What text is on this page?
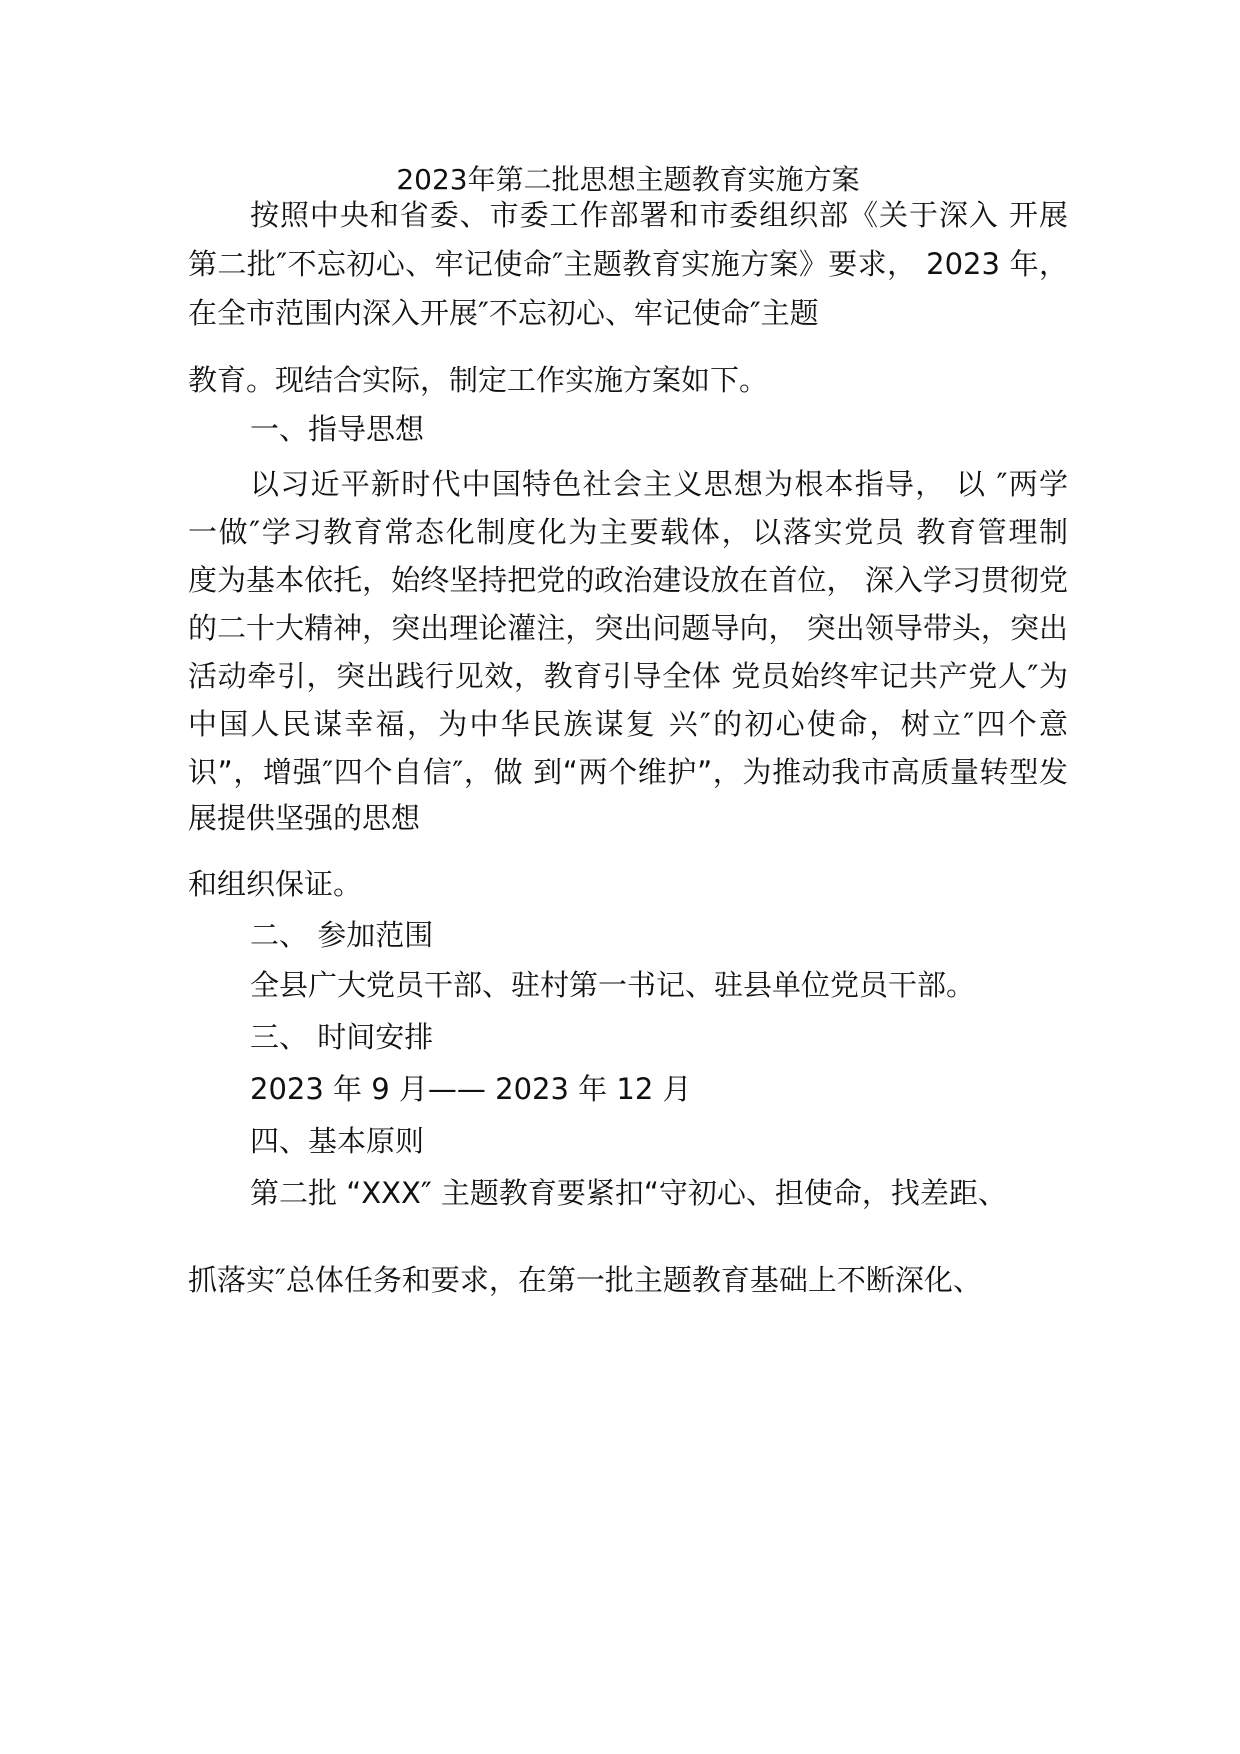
2023年第二批思想主题教育实施方案
按照中央和省委、市委工作部署和市委组织部《关于深入 开展
第二批″不忘初心、牢记使命″主题教育实施方案》要求， 2023 年，
在全市范围内深入开展″不忘初心、牢记使命″主题
教育。现结合实际，制定工作实施方案如下。
一、指导思想
以习近平新时代中国特色社会主义思想为根本指导， 以 ″两学
一做″学习教育常态化制度化为主要载体，以落实党员 教育管理制
度为基本依托，始终坚持把党的政治建设放在首位， 深入学习贯彻党
的二十大精神，突出理论灌注，突出问题导向， 突出领导带头，突出
活动牵引，突出践行见效，教育引导全体 党员始终牢记共产党人″为
中国人民谋幸福，为中华民族谋复 兴″的初心使命，树立″四个意
识”，增强″四个自信″，做 到“两个维护”，为推动我市高质量转型发
展提供坚强的思想
和组织保证。
二、 参加范围
全县广大党员干部、驻村第一书记、驻县单位党员干部。
三、 时间安排
2023 年 9 月—— 2023 年 12 月
四、基本原则
第二批 “XXX″ 主题教育要紧扣“守初心、担使命，找差距、
抓落实″总体任务和要求，在第一批主题教育基础上不断深化、
